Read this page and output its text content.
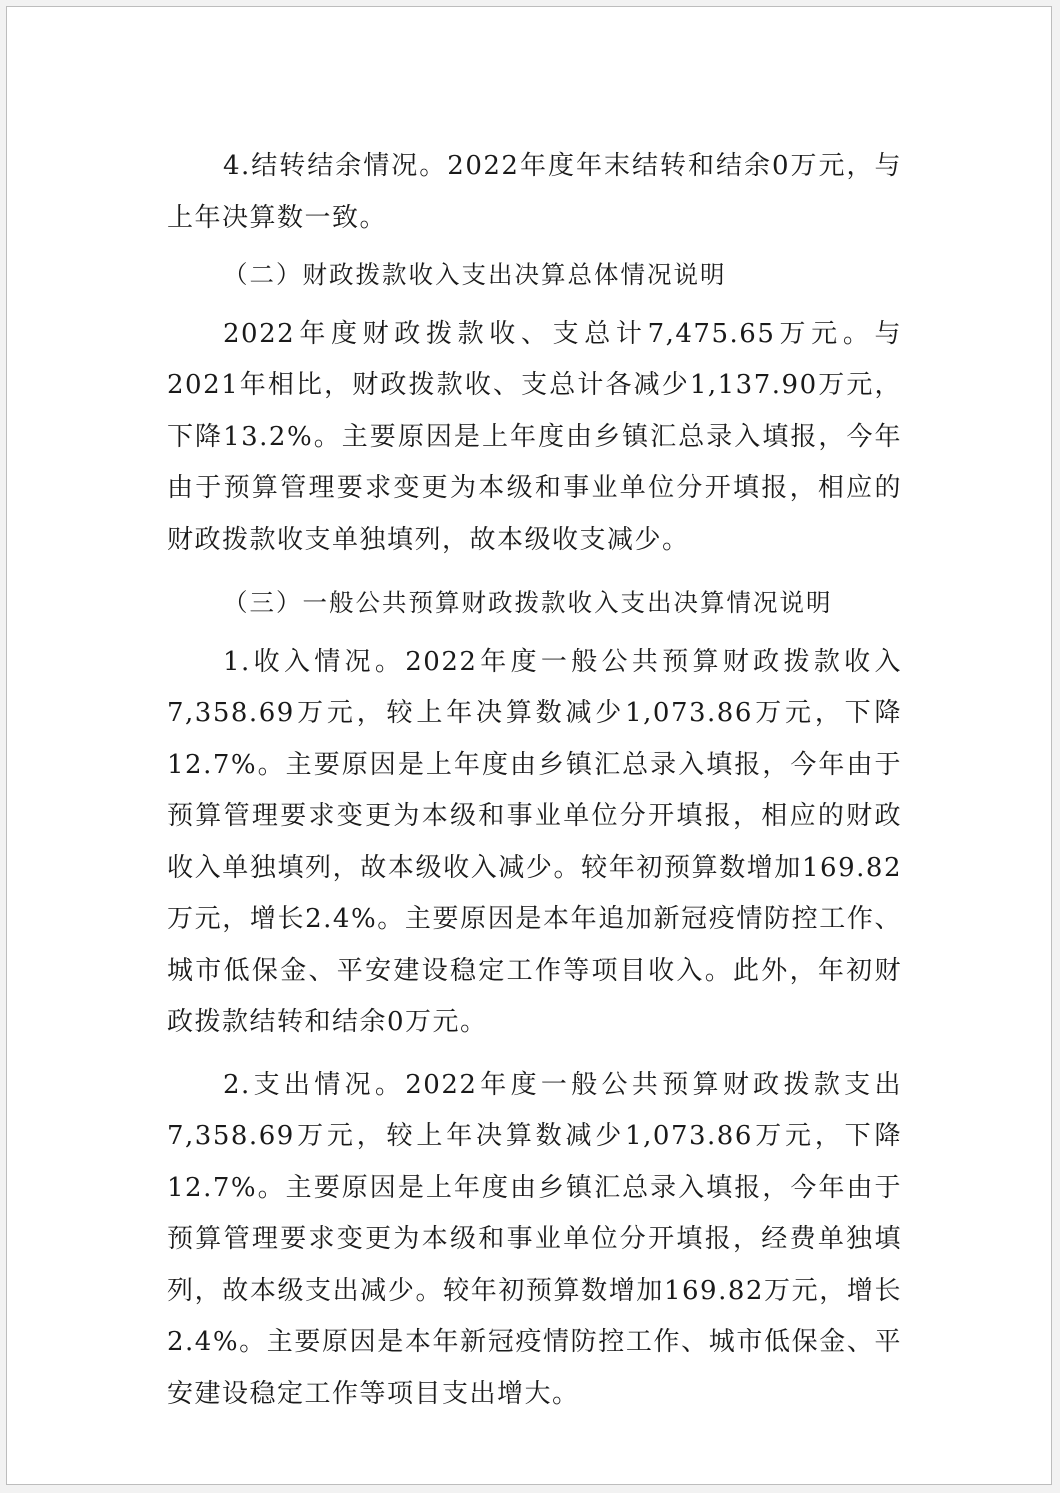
4.结转结余情况。2022年度年末结转和结余0万元，与上年决算数一致。

（二）财政拨款收入支出决算总体情况说明

2022年度财政拨款收、支总计7,475.65万元。与2021年相比，财政拨款收、支总计各减少1,137.90万元，下降13.2%。主要原因是上年度由乡镇汇总录入填报，今年由于预算管理要求变更为本级和事业单位分开填报，相应的财政拨款收支单独填列，故本级收支减少。

（三）一般公共预算财政拨款收入支出决算情况说明

1.收入情况。2022年度一般公共预算财政拨款收入7,358.69万元，较上年决算数减少1,073.86万元，下降12.7%。主要原因是上年度由乡镇汇总录入填报，今年由于预算管理要求变更为本级和事业单位分开填报，相应的财政收入单独填列，故本级收入减少。较年初预算数增加169.82万元，增长2.4%。主要原因是本年追加新冠疫情防控工作、城市低保金、平安建设稳定工作等项目收入。此外，年初财政拨款结转和结余0万元。

2.支出情况。2022年度一般公共预算财政拨款支出7,358.69万元，较上年决算数减少1,073.86万元，下降12.7%。主要原因是上年度由乡镇汇总录入填报，今年由于预算管理要求变更为本级和事业单位分开填报，经费单独填列，故本级支出减少。较年初预算数增加169.82万元，增长2.4%。主要原因是本年新冠疫情防控工作、城市低保金、平安建设稳定工作等项目支出增大。
